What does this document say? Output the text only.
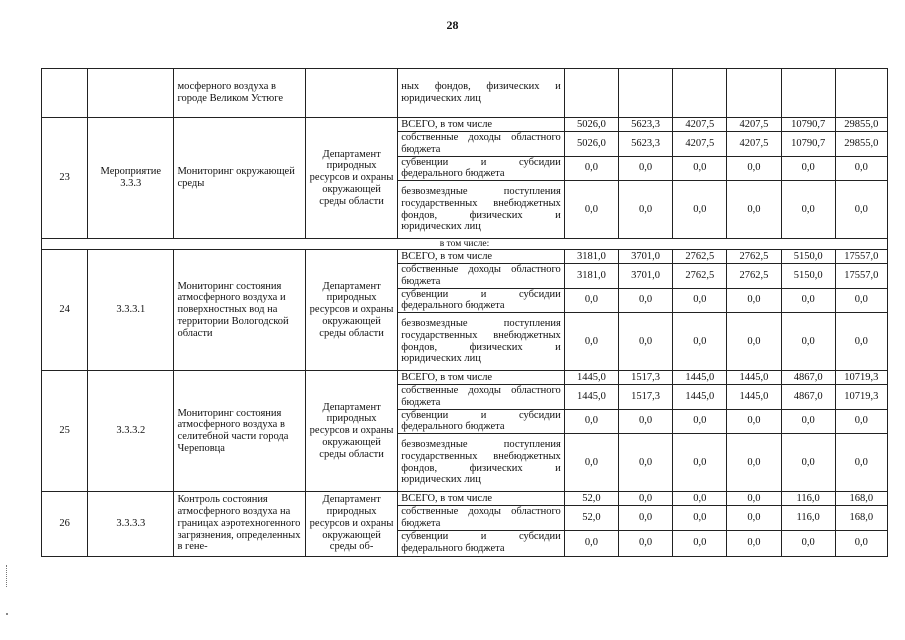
28
		мосферного воздуха в городе Великом Устюге		ных фондов, физических и юридических лиц						
23	Мероприятие 3.3.3	Мониторинг окружающей среды	Департамент природных ресурсов и охраны окружающей среды области	ВСЕГО, в том числе	5026,0	5623,3	4207,5	4207,5	10790,7	29855,0
				собственные доходы областного бюджета	5026,0	5623,3	4207,5	4207,5	10790,7	29855,0
				субвенции и субсидии федерального бюджета	0,0	0,0	0,0	0,0	0,0	0,0
				безвозмездные поступления государственных внебюджетных фондов, физических и юридических лиц	0,0	0,0	0,0	0,0	0,0	0,0
в том числе:										
24	3.3.3.1	Мониторинг состояния атмосферного воздуха и поверхностных вод на территории Вологодской области	Департамент природных ресурсов и охраны окружающей среды области	ВСЕГО, в том числе	3181,0	3701,0	2762,5	2762,5	5150,0	17557,0
				собственные доходы областного бюджета	3181,0	3701,0	2762,5	2762,5	5150,0	17557,0
				субвенции и субсидии федерального бюджета	0,0	0,0	0,0	0,0	0,0	0,0
				безвозмездные поступления государственных внебюджетных фондов, физических и юридических лиц	0,0	0,0	0,0	0,0	0,0	0,0
25	3.3.3.2	Мониторинг состояния атмосферного воздуха в селитебной части города Череповца	Департамент природных ресурсов и охраны окружающей среды области	ВСЕГО, в том числе	1445,0	1517,3	1445,0	1445,0	4867,0	10719,3
				собственные доходы областного бюджета	1445,0	1517,3	1445,0	1445,0	4867,0	10719,3
				субвенции и субсидии федерального бюджета	0,0	0,0	0,0	0,0	0,0	0,0
				безвозмездные поступления государственных внебюджетных фондов, физических и юридических лиц	0,0	0,0	0,0	0,0	0,0	0,0
26	3.3.3.3	Контроль состояния атмосферного воздуха на границах аэротехногенного загрязнения, определенных в гене-	Департамент природных ресурсов и охраны окружающей среды об-	ВСЕГО, в том числе	52,0	0,0	0,0	0,0	116,0	168,0
				собственные доходы областного бюджета	52,0	0,0	0,0	0,0	116,0	168,0
				субвенции и субсидии федерального бюджета	0,0	0,0	0,0	0,0	0,0	0,0
